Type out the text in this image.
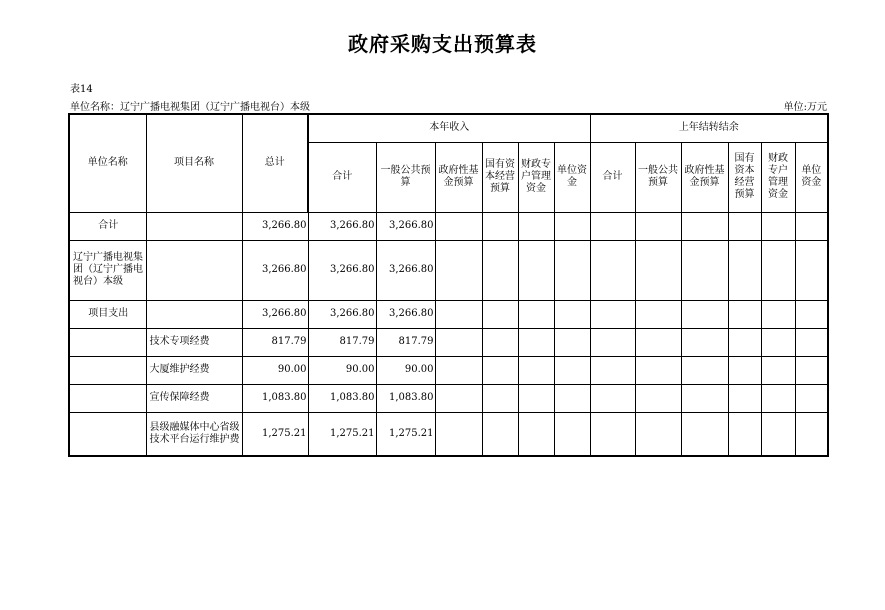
政府采购支出预算表
表14
单位名称：辽宁广播电视集团（辽宁广播电视台）本级	单位:万元
单位名称	项目名称	总计	本年收入						上年结转结余					
			合计	一般公共预算	政府性基金预算	国有资本经营预算	财政专户管理资金	单位资金	合计	一般公共预算	政府性基金预算	国有资本经营预算	财政专户管理资金	单位资金
合计		3,266.80	3,266.80	3,266.80										
辽宁广播电视集团（辽宁广播电视台）本级		3,266.80	3,266.80	3,266.80										
项目支出		3,266.80	3,266.80	3,266.80										
	技术专项经费	817.79	817.79	817.79										
	大厦维护经费	90.00	90.00	90.00										
	宣传保障经费	1,083.80	1,083.80	1,083.80										
	县级融媒体中心省级技术平台运行维护费	1,275.21	1,275.21	1,275.21										
